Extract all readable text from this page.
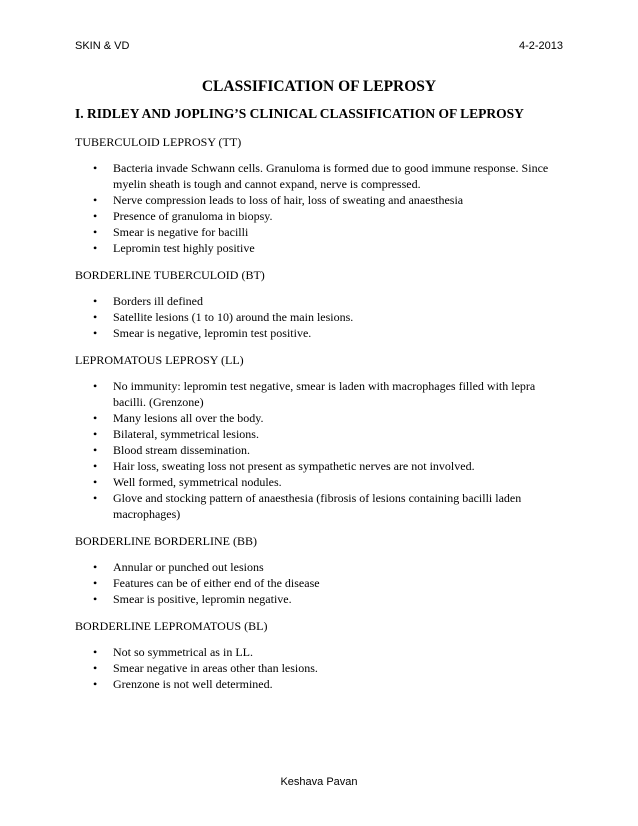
SKIN & VD	4-2-2013
CLASSIFICATION OF LEPROSY
I. RIDLEY AND JOPLING’S CLINICAL CLASSIFICATION OF LEPROSY
TUBERCULOID LEPROSY (TT)
• Bacteria invade Schwann cells. Granuloma is formed due to good immune response. Since myelin sheath is tough and cannot expand, nerve is compressed.
• Nerve compression leads to loss of hair, loss of sweating and anaesthesia
• Presence of granuloma in biopsy.
• Smear is negative for bacilli
• Lepromin test highly positive
BORDERLINE TUBERCULOID (BT)
• Borders ill defined
• Satellite lesions (1 to 10) around the main lesions.
• Smear is negative, lepromin test positive.
LEPROMATOUS LEPROSY (LL)
• No immunity: lepromin test negative, smear is laden with macrophages filled with lepra bacilli. (Grenzone)
• Many lesions all over the body.
• Bilateral, symmetrical lesions.
• Blood stream dissemination.
• Hair loss, sweating loss not present as sympathetic nerves are not involved.
• Well formed, symmetrical nodules.
• Glove and stocking pattern of anaesthesia (fibrosis of lesions containing bacilli laden macrophages)
BORDERLINE BORDERLINE (BB)
• Annular or punched out lesions
• Features can be of either end of the disease
• Smear is positive, lepromin negative.
BORDERLINE LEPROMATOUS (BL)
• Not so symmetrical as in LL.
• Smear negative in areas other than lesions.
• Grenzone is not well determined.
Keshava Pavan
